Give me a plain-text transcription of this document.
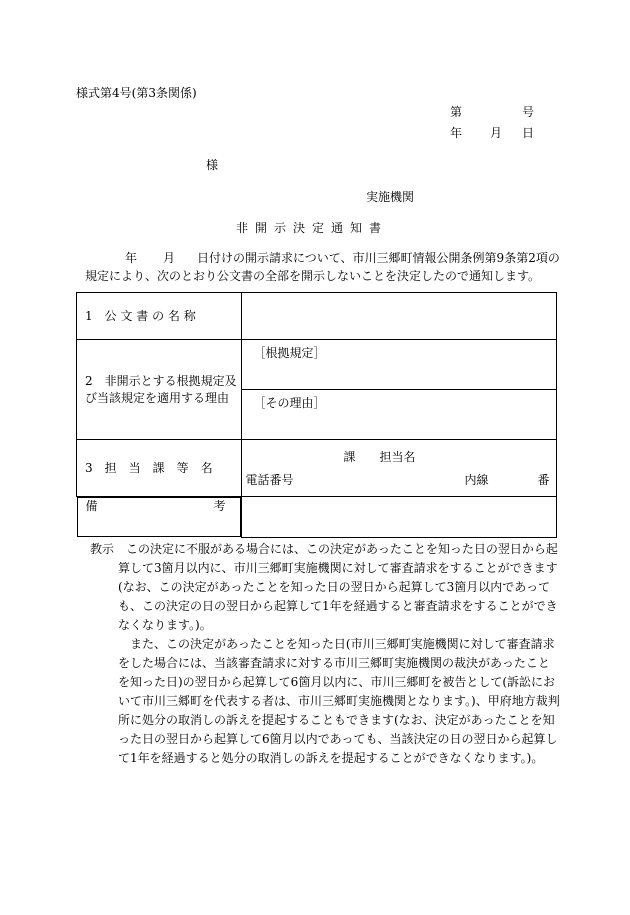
様式第4号(第3条関係)
第	号
年 月 日
様
実施機関
非開示決定通知書
年 月 日付けの開示請求について、市川三郷町情報公開条例第9条第2項の規定により、次のとおり公文書の全部を開示しないことを決定したので通知します。
1　公 文 書 の 名 称	
2　非開示とする根拠規定及び当該規定を適用する理由	［根拠規定］
［その理由］

3　担　当　課　等　名	課 担当名
電話番号 内線 番

備	考

教示　この決定に不服がある場合には、この決定があったことを知った日の翌日から起算して3箇月以内に、市川三郷町実施機関に対して審査請求をすることができます(なお、この決定があったことを知った日の翌日から起算して3箇月以内であっても、この決定の日の翌日から起算して1年を経過すると審査請求をすることができなくなります。)。

また、この決定があったことを知った日(市川三郷町実施機関に対して審査請求をした場合には、当該審査請求に対する市川三郷町実施機関の裁決があったことを知った日)の翌日から起算して6箇月以内に、市川三郷町を被告として(訴訟において市川三郷町を代表する者は、市川三郷町実施機関となります。)、甲府地方裁判所に処分の取消しの訴えを提起することもできます(なお、決定があったことを知った日の翌日から起算して6箇月以内であっても、当該決定の日の翌日から起算して1年を経過すると処分の取消しの訴えを提起することができなくなります。)。
